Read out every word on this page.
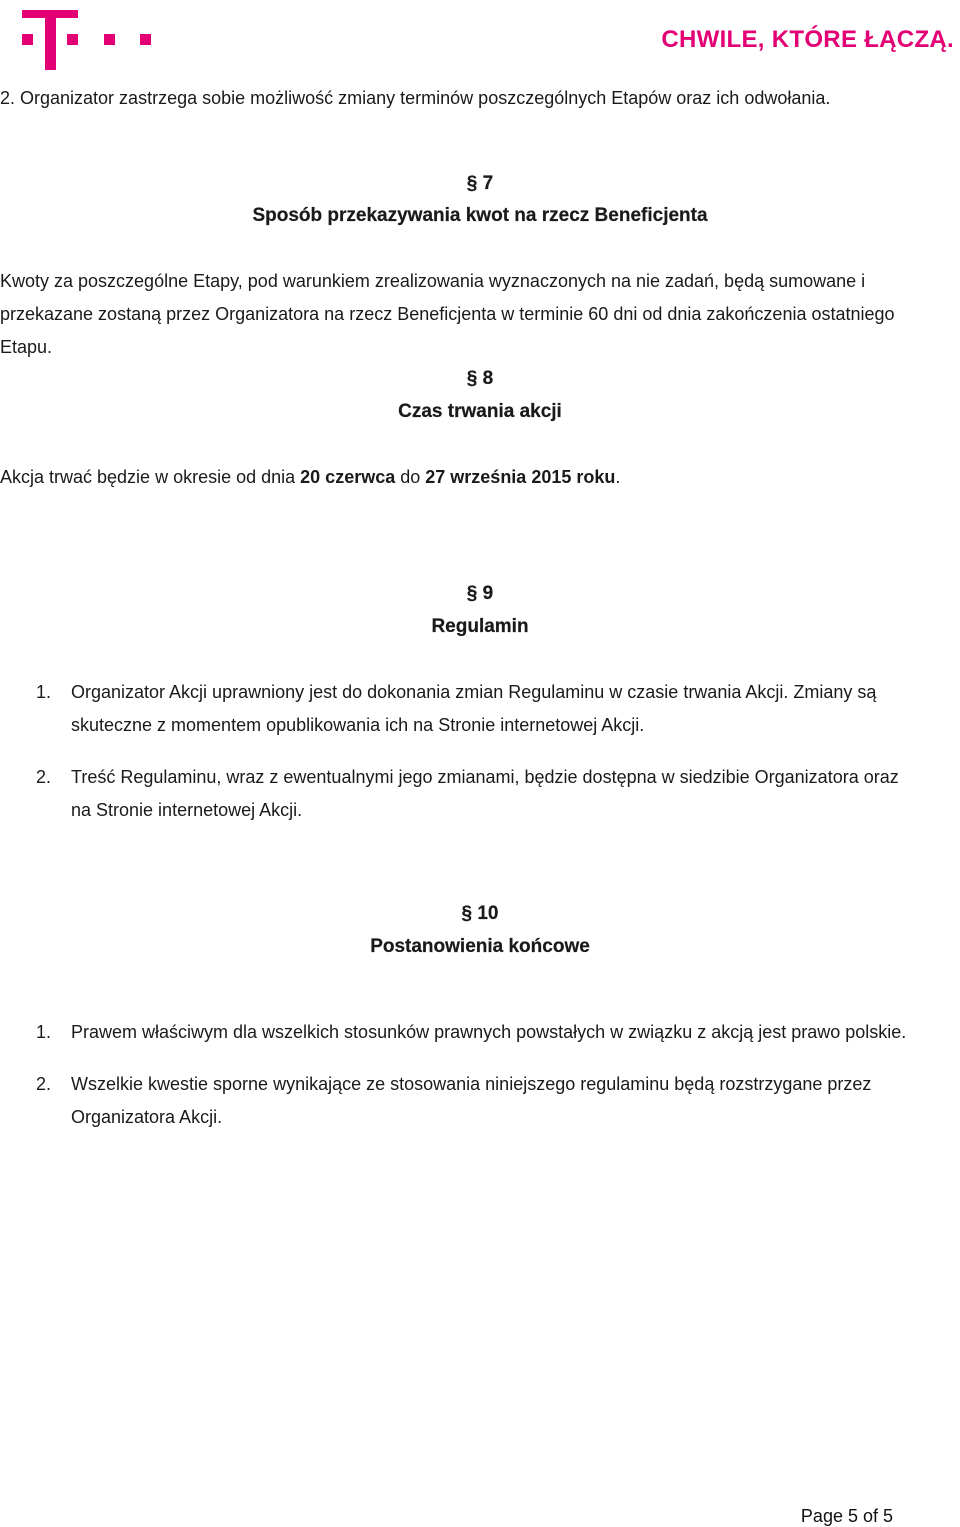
CHWILE, KTÓRE ŁĄCZĄ.
2. Organizator zastrzega sobie możliwość zmiany terminów poszczególnych Etapów oraz ich odwołania.
§ 7
Sposób przekazywania kwot na rzecz Beneficjenta
Kwoty za poszczególne Etapy, pod warunkiem zrealizowania wyznaczonych na nie zadań, będą sumowane i
przekazane zostaną przez Organizatora na rzecz Beneficjenta w terminie 60 dni od dnia zakończenia ostatniego
Etapu.
§ 8
Czas trwania akcji
Akcja trwać będzie w okresie od dnia 20 czerwca do 27 września 2015 roku.
§ 9
Regulamin
1. Organizator Akcji uprawniony jest do dokonania zmian Regulaminu w czasie trwania Akcji. Zmiany są
skuteczne z momentem opublikowania ich na Stronie internetowej Akcji.
2. Treść Regulaminu, wraz z ewentualnymi jego zmianami, będzie dostępna w siedzibie Organizatora oraz
na Stronie internetowej Akcji.
§ 10
Postanowienia końcowe
1. Prawem właściwym dla wszelkich stosunków prawnych powstałych w związku z akcją jest prawo polskie.
2. Wszelkie kwestie sporne wynikające ze stosowania niniejszego regulaminu będą rozstrzygane przez
Organizatora Akcji.
Page 5 of 5
